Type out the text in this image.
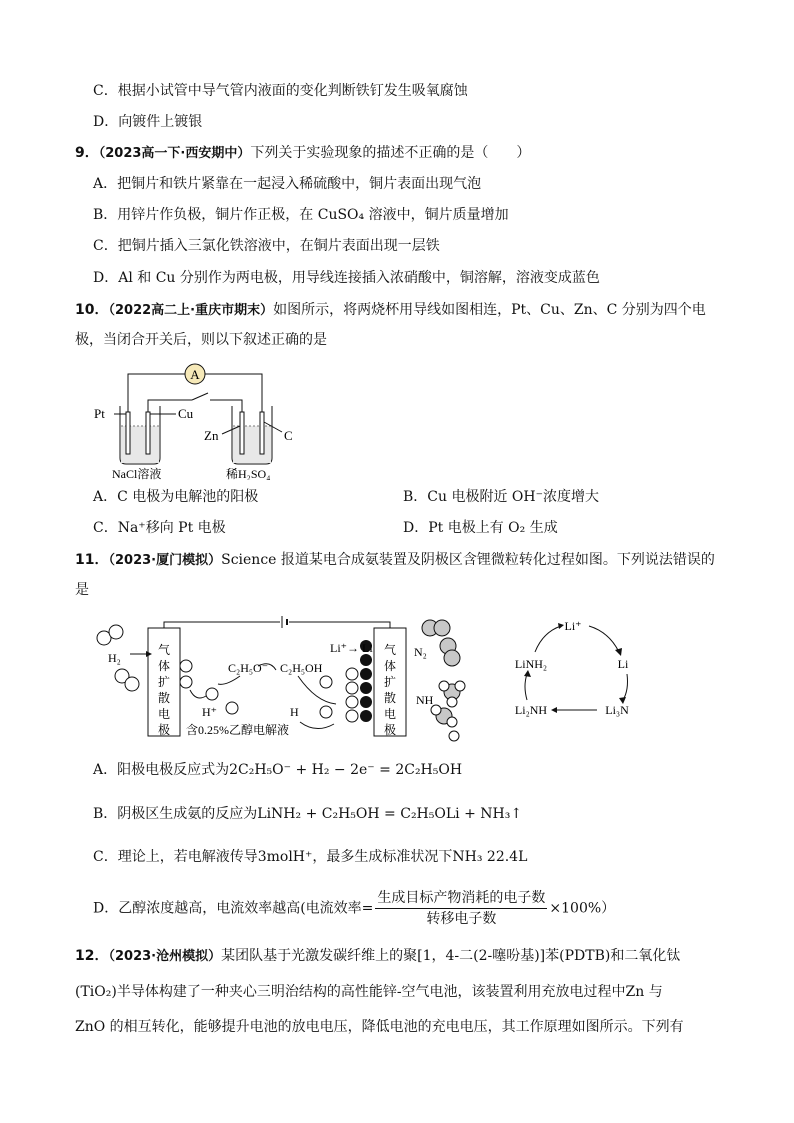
C．根据小试管中导气管内液面的变化判断铁钉发生吸氧腐蚀
D．向镀件上镀银
9．（2023高一下·西安期中）下列关于实验现象的描述不正确的是（　　）
A．把铜片和铁片紧靠在一起浸入稀硫酸中，铜片表面出现气泡
B．用锌片作负极，铜片作正极，在 CuSO₄ 溶液中，铜片质量增加
C．把铜片插入三氯化铁溶液中，在铜片表面出现一层铁
D．Al 和 Cu 分别作为两电极，用导线连接插入浓硝酸中，铜溶解，溶液变成蓝色
10．（2022高二上·重庆市期末）如图所示，将两烧杯用导线如图相连，Pt、Cu、Zn、C 分别为四个电
极，当闭合开关后，则以下叙述正确的是
A
Pt	Cu
Zn	C
NaCl溶液	稀H₂SO₄
A．C 电极为电解池的阳极	B．Cu 电极附近 OH⁻浓度增大
C．Na⁺移向 Pt 电极	D．Pt 电极上有 O₂ 生成
11．（2023·厦门模拟）Science 报道某电合成氨装置及阴极区含锂微粒转化过程如图。下列说法错误的
是
气体扩散电极
气体扩散电极
H₂
H⁺
C₂H₅O⁻ C₂H₅OH
H
Li⁺→ Li	N₂
NH
含0.25%乙醇电解液
Li⁺
Li
Li₃N
Li₂NH
LiNH₂
A．阳极电极反应式为2C₂H₅O⁻ + H₂ − 2e⁻ = 2C₂H₅OH
B．阴极区生成氨的反应为LiNH₂ + C₂H₅OH = C₂H₅OLi + NH₃↑
C．理论上，若电解液传导3molH⁺，最多生成标准状况下NH₃ 22.4L
D．乙醇浓度越高，电流效率越高(电流效率= $\frac{\text{生成目标产物消耗的电子数}}{\text{转移电子数}} \times 100\%$）
12．（2023·沧州模拟）某团队基于光激发碳纤维上的聚[1，4-二(2-噻吩基)]苯(PDTB)和二氧化钛
(TiO₂)半导体构建了一种夹心三明治结构的高性能锌-空气电池，该装置利用充放电过程中Zn 与
ZnO 的相互转化，能够提升电池的放电电压，降低电池的充电电压，其工作原理如图所示。下列有
